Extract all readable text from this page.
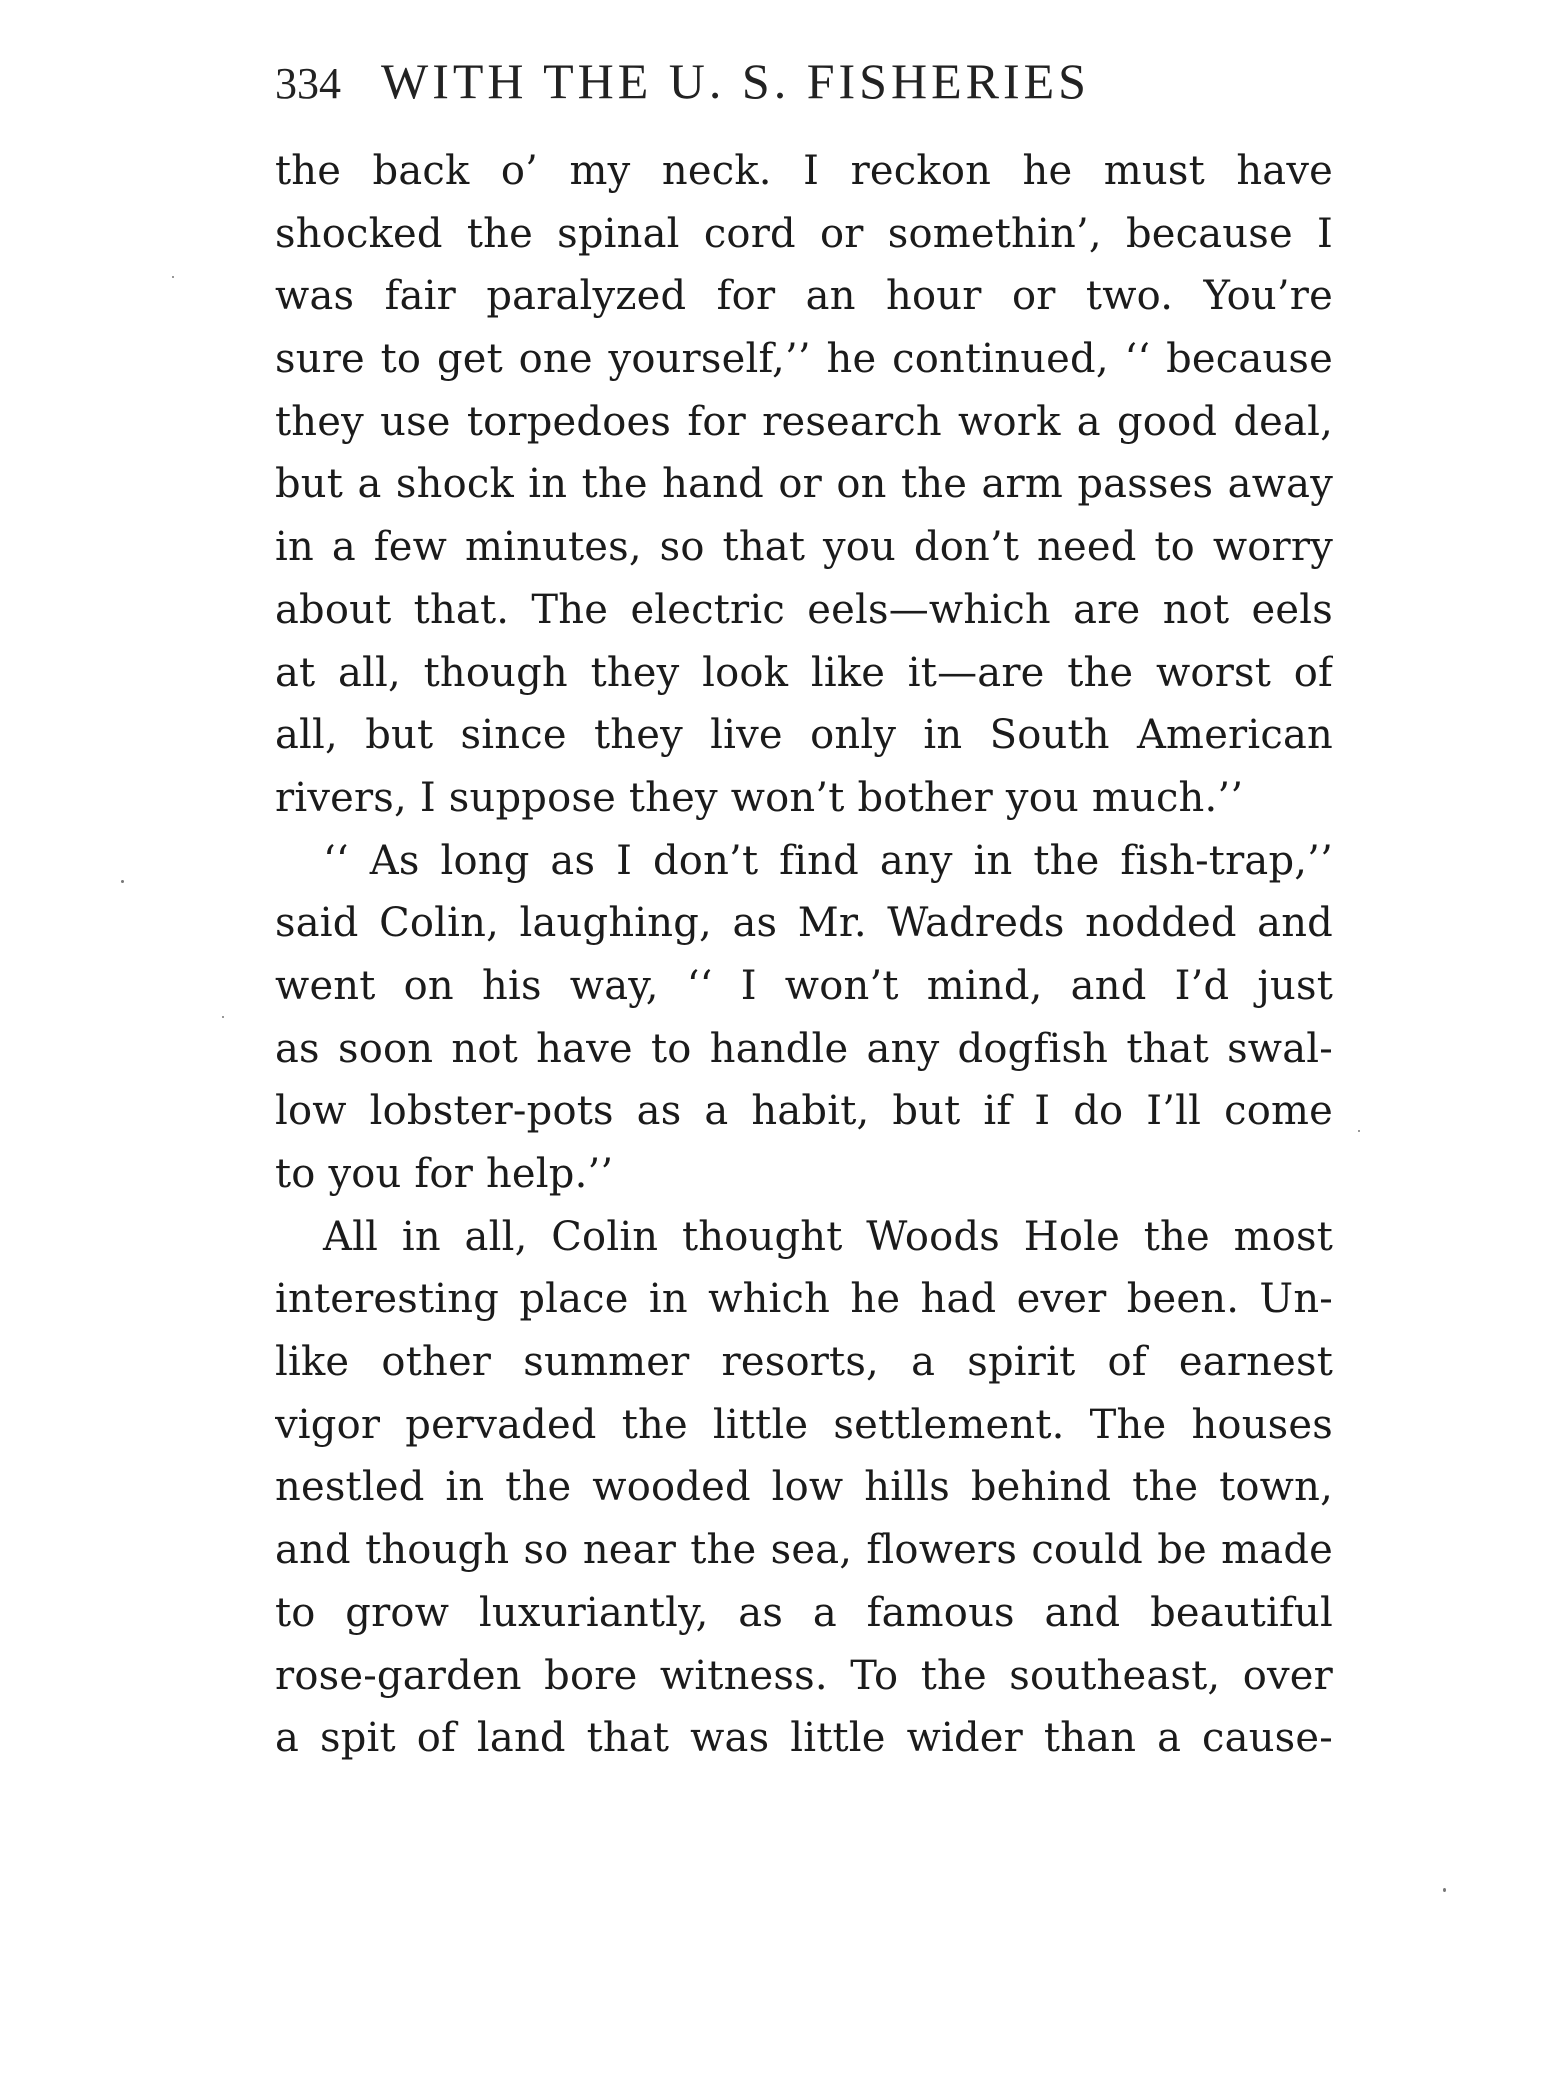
334 WITH THE U. S. FISHERIES
the back o’ my neck. I reckon he must have
shocked the spinal cord or somethin’, because I
was fair paralyzed for an hour or two. You’re
sure to get one yourself,’’ he continued, ‘‘ because
they use torpedoes for research work a good deal,
but a shock in the hand or on the arm passes away
in a few minutes, so that you don’t need to worry
about that. The electric eels—which are not eels
at all, though they look like it—are the worst of
all, but since they live only in South American
rivers, I suppose they won’t bother you much.’’
‘‘ As long as I don’t find any in the fish-trap,’’
said Colin, laughing, as Mr. Wadreds nodded and
went on his way, ‘‘ I won’t mind, and I’d just
as soon not have to handle any dogfish that swal-
low lobster-pots as a habit, but if I do I’ll come
to you for help.’’
All in all, Colin thought Woods Hole the most
interesting place in which he had ever been. Un-
like other summer resorts, a spirit of earnest
vigor pervaded the little settlement. The houses
nestled in the wooded low hills behind the town,
and though so near the sea, flowers could be made
to grow luxuriantly, as a famous and beautiful
rose-garden bore witness. To the southeast, over
a spit of land that was little wider than a cause-
